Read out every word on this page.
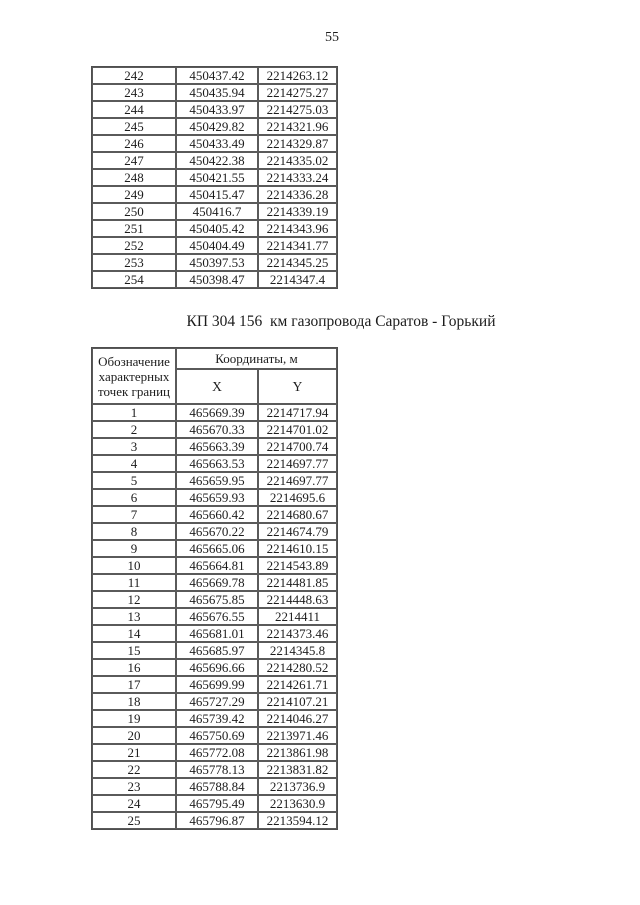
55
242	450437.42	2214263.12
243	450435.94	2214275.27
244	450433.97	2214275.03
245	450429.82	2214321.96
246	450433.49	2214329.87
247	450422.38	2214335.02
248	450421.55	2214333.24
249	450415.47	2214336.28
250	450416.7	2214339.19
251	450405.42	2214343.96
252	450404.49	2214341.77
253	450397.53	2214345.25
254	450398.47	2214347.4
КП 304 156  км газопровода Саратов - Горький
Обозначение характерных точек границ	Координаты, м	
	X	Y
1	465669.39	2214717.94
2	465670.33	2214701.02
3	465663.39	2214700.74
4	465663.53	2214697.77
5	465659.95	2214697.77
6	465659.93	2214695.6
7	465660.42	2214680.67
8	465670.22	2214674.79
9	465665.06	2214610.15
10	465664.81	2214543.89
11	465669.78	2214481.85
12	465675.85	2214448.63
13	465676.55	2214411
14	465681.01	2214373.46
15	465685.97	2214345.8
16	465696.66	2214280.52
17	465699.99	2214261.71
18	465727.29	2214107.21
19	465739.42	2214046.27
20	465750.69	2213971.46
21	465772.08	2213861.98
22	465778.13	2213831.82
23	465788.84	2213736.9
24	465795.49	2213630.9
25	465796.87	2213594.12
